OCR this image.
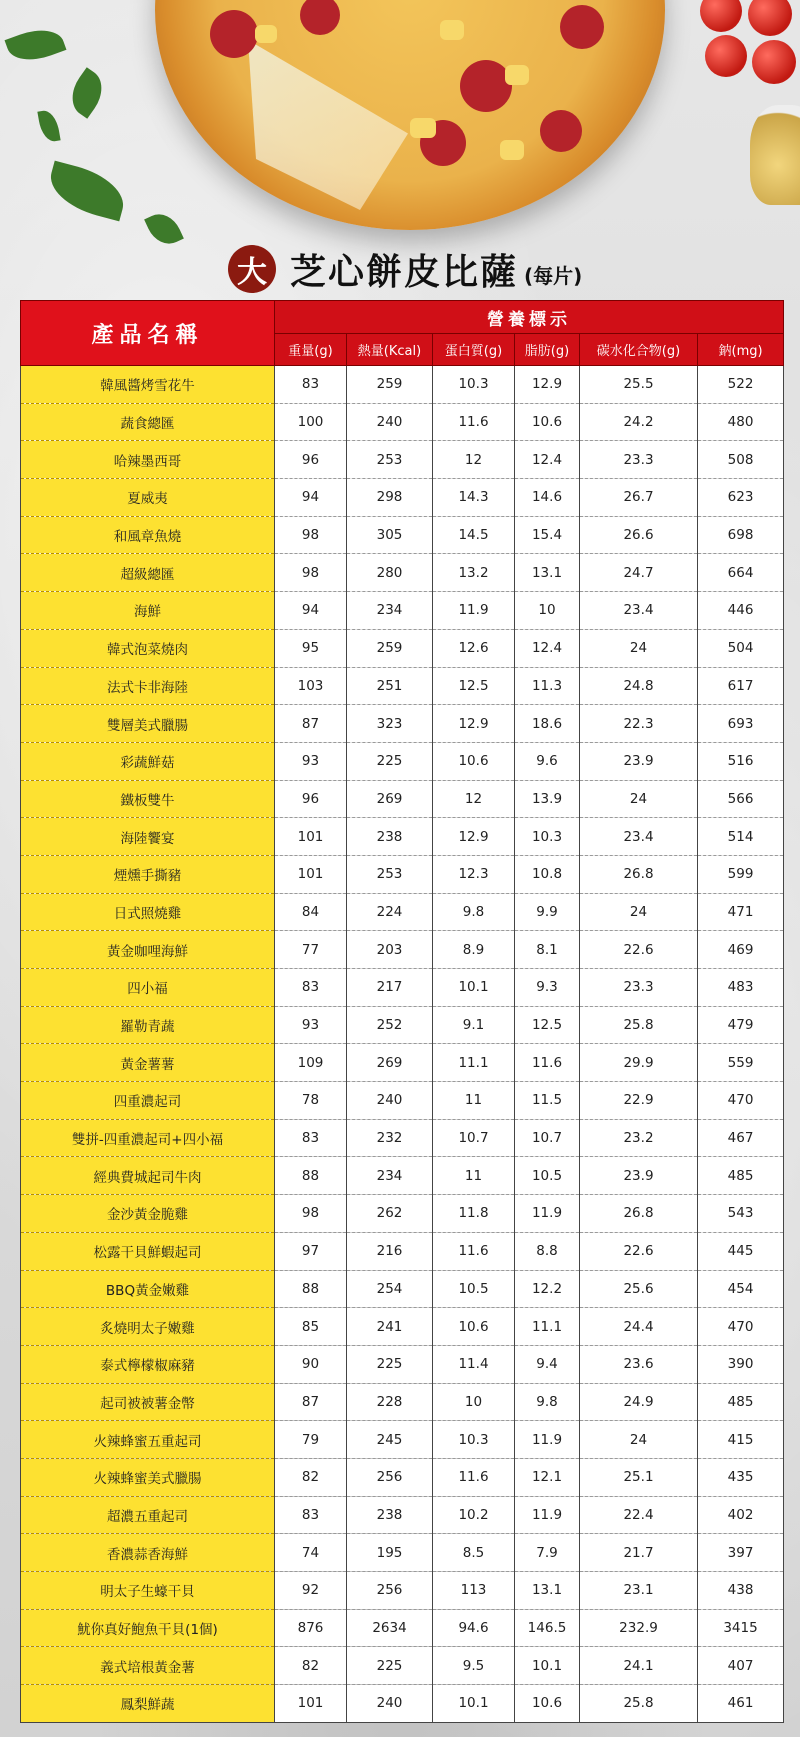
大 芝心餅皮比薩 (每片)
產品名稱	營養標示					
	重量(g)	熱量(Kcal)	蛋白質(g)	脂肪(g)	碳水化合物(g)	鈉(mg)
韓風醬烤雪花牛	83	259	10.3	12.9	25.5	522
蔬食總匯	100	240	11.6	10.6	24.2	480
哈辣墨西哥	96	253	12	12.4	23.3	508
夏威夷	94	298	14.3	14.6	26.7	623
和風章魚燒	98	305	14.5	15.4	26.6	698
超級總匯	98	280	13.2	13.1	24.7	664
海鮮	94	234	11.9	10	23.4	446
韓式泡菜燒肉	95	259	12.6	12.4	24	504
法式卡非海陸	103	251	12.5	11.3	24.8	617
雙層美式臘腸	87	323	12.9	18.6	22.3	693
彩蔬鮮菇	93	225	10.6	9.6	23.9	516
鐵板雙牛	96	269	12	13.9	24	566
海陸饗宴	101	238	12.9	10.3	23.4	514
煙燻手撕豬	101	253	12.3	10.8	26.8	599
日式照燒雞	84	224	9.8	9.9	24	471
黃金咖哩海鮮	77	203	8.9	8.1	22.6	469
四小福	83	217	10.1	9.3	23.3	483
羅勒青蔬	93	252	9.1	12.5	25.8	479
黃金薯薯	109	269	11.1	11.6	29.9	559
四重濃起司	78	240	11	11.5	22.9	470
雙拼-四重濃起司+四小福	83	232	10.7	10.7	23.2	467
經典費城起司牛肉	88	234	11	10.5	23.9	485
金沙黃金脆雞	98	262	11.8	11.9	26.8	543
松露干貝鮮蝦起司	97	216	11.6	8.8	22.6	445
BBQ黃金嫩雞	88	254	10.5	12.2	25.6	454
炙燒明太子嫩雞	85	241	10.6	11.1	24.4	470
泰式檸檬椒麻豬	90	225	11.4	9.4	23.6	390
起司被被薯金幣	87	228	10	9.8	24.9	485
火辣蜂蜜五重起司	79	245	10.3	11.9	24	415
火辣蜂蜜美式臘腸	82	256	11.6	12.1	25.1	435
超濃五重起司	83	238	10.2	11.9	22.4	402
香濃蒜香海鮮	74	195	8.5	7.9	21.7	397
明太子生蠔干貝	92	256	113	13.1	23.1	438
魷你真好鮑魚干貝(1個)	876	2634	94.6	146.5	232.9	3415
義式培根黃金薯	82	225	9.5	10.1	24.1	407
鳳梨鮮蔬	101	240	10.1	10.6	25.8	461
